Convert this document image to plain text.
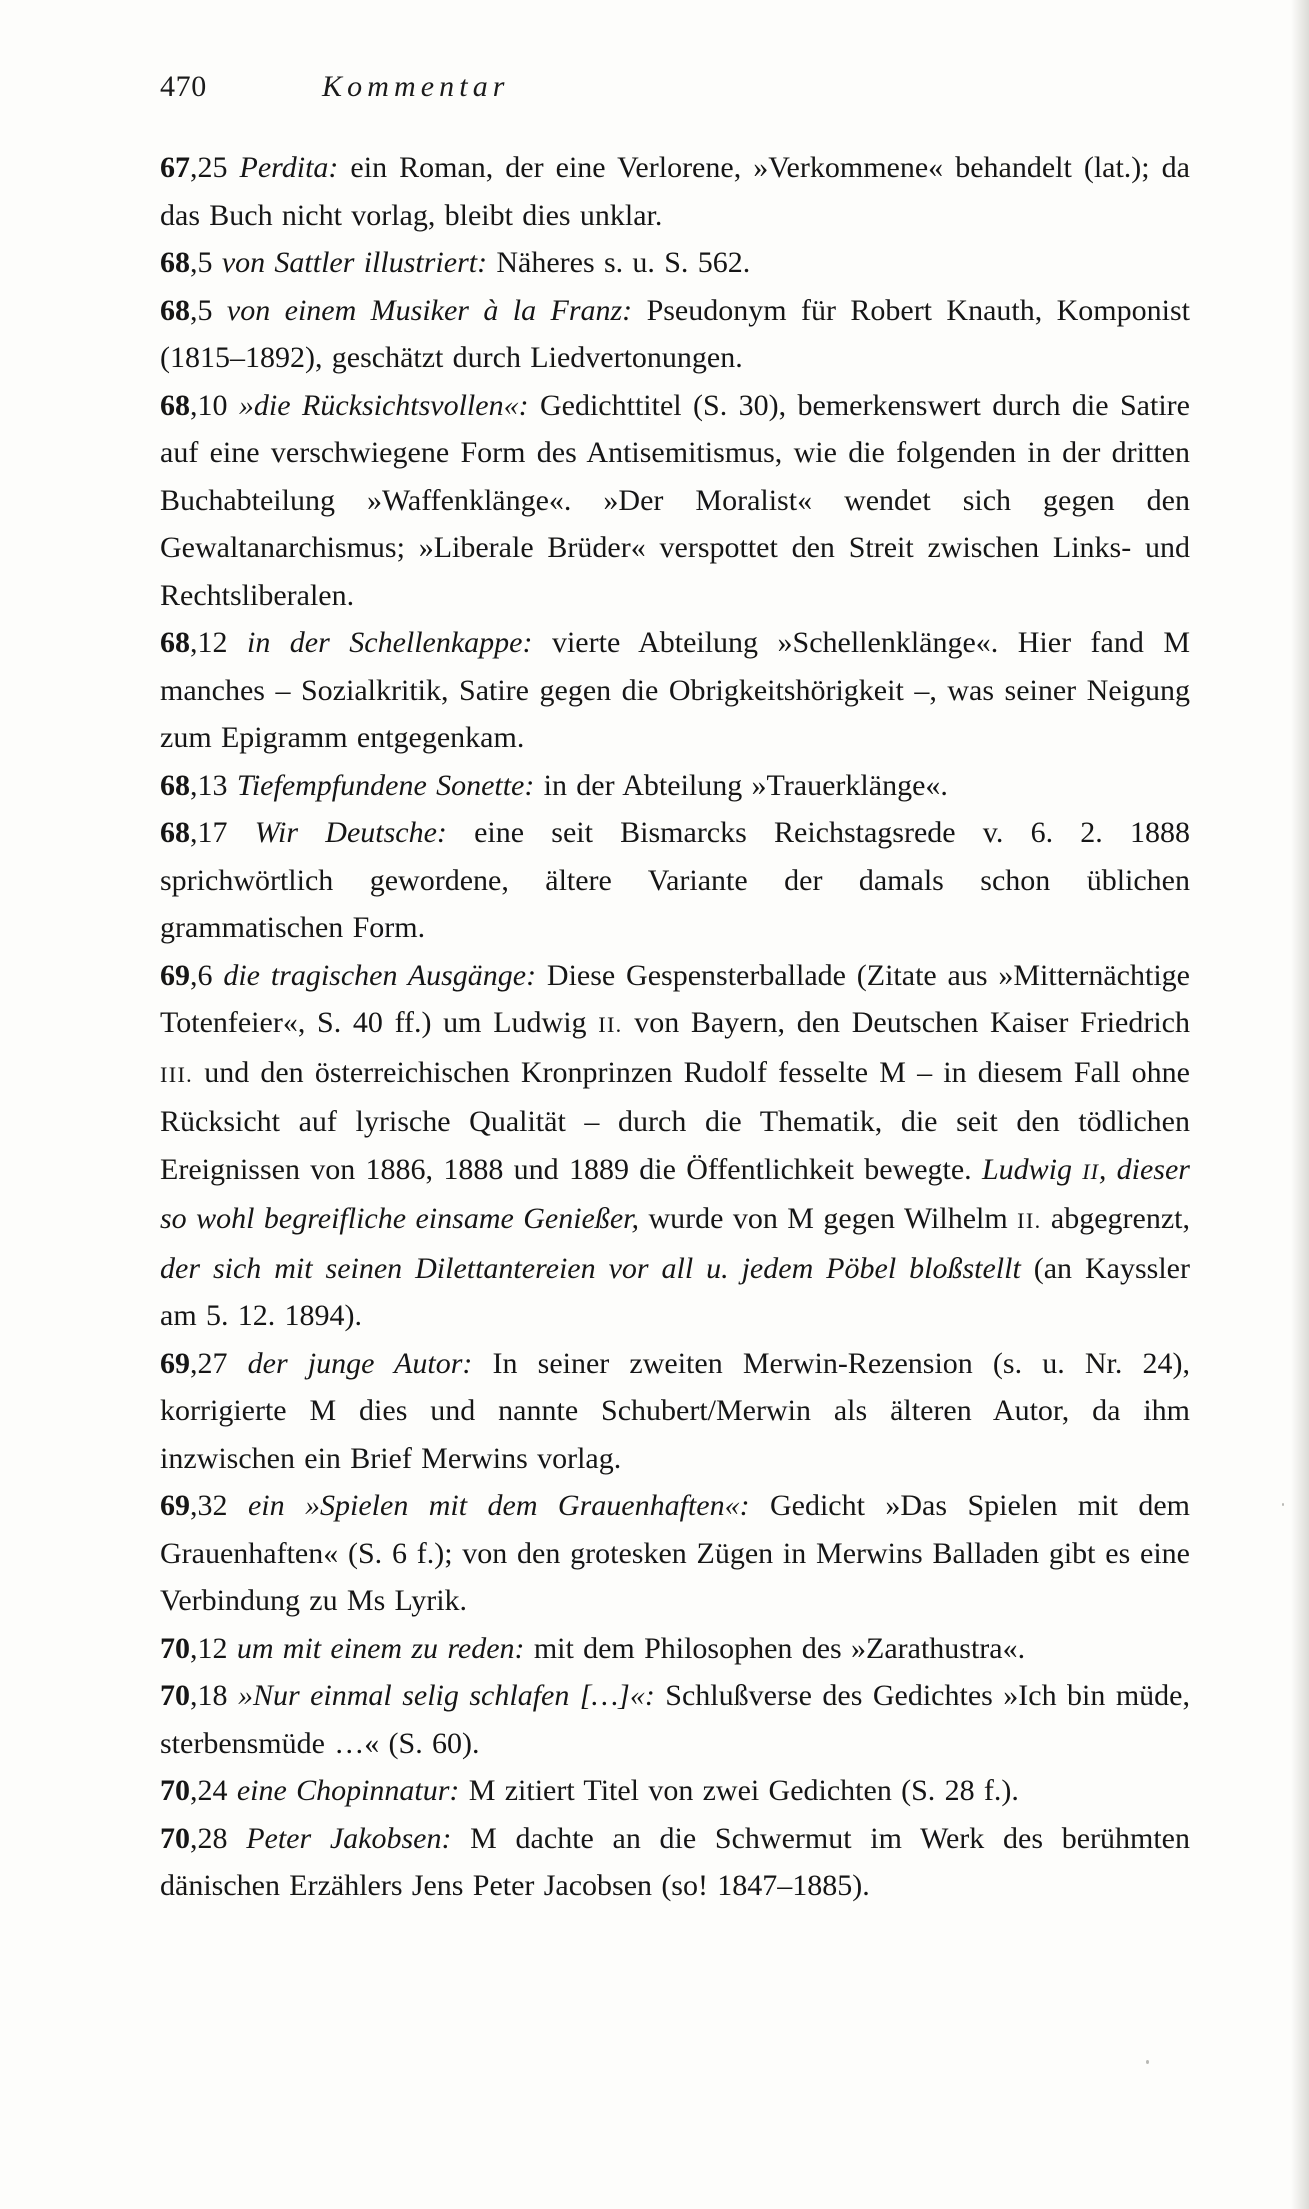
470	Kommentar

67,25 Perdita: ein Roman, der eine Verlorene, »Verkommene« behandelt (lat.); da das Buch nicht vorlag, bleibt dies unklar.

68,5 von Sattler illustriert: Näheres s. u. S. 562.

68,5 von einem Musiker à la Franz: Pseudonym für Robert Knauth, Komponist (1815–1892), geschätzt durch Liedvertonungen.

68,10 »die Rücksichtsvollen«: Gedichttitel (S. 30), bemerkenswert durch die Satire auf eine verschwiegene Form des Antisemitismus, wie die folgenden in der dritten Buchabteilung »Waffenklänge«. »Der Moralist« wendet sich gegen den Gewaltanarchismus; »Liberale Brüder« verspottet den Streit zwischen Links- und Rechtsliberalen.

68,12 in der Schellenkappe: vierte Abteilung »Schellenklänge«. Hier fand M manches – Sozialkritik, Satire gegen die Obrigkeitshörigkeit –, was seiner Neigung zum Epigramm entgegenkam.

68,13 Tiefempfundene Sonette: in der Abteilung »Trauerklänge«.

68,17 Wir Deutsche: eine seit Bismarcks Reichstagsrede v. 6. 2. 1888 sprichwörtlich gewordene, ältere Variante der damals schon üblichen grammatischen Form.

69,6 die tragischen Ausgänge: Diese Gespensterballade (Zitate aus »Mitternächtige Totenfeier«, S. 40 ff.) um Ludwig II. von Bayern, den Deutschen Kaiser Friedrich III. und den österreichischen Kronprinzen Rudolf fesselte M – in diesem Fall ohne Rücksicht auf lyrische Qualität – durch die Thematik, die seit den tödlichen Ereignissen von 1886, 1888 und 1889 die Öffentlichkeit bewegte. Ludwig II, dieser so wohl begreifliche einsame Genießer, wurde von M gegen Wilhelm II. abgegrenzt, der sich mit seinen Dilettantereien vor all u. jedem Pöbel bloßstellt (an Kayssler am 5. 12. 1894).

69,27 der junge Autor: In seiner zweiten Merwin-Rezension (s. u. Nr. 24), korrigierte M dies und nannte Schubert/Merwin als älteren Autor, da ihm inzwischen ein Brief Merwins vorlag.

69,32 ein »Spielen mit dem Grauenhaften«: Gedicht »Das Spielen mit dem Grauenhaften« (S. 6 f.); von den grotesken Zügen in Merwins Balladen gibt es eine Verbindung zu Ms Lyrik.

70,12 um mit einem zu reden: mit dem Philosophen des »Zarathustra«.

70,18 »Nur einmal selig schlafen […]«: Schlußverse des Gedichtes »Ich bin müde, sterbensmüde …« (S. 60).

70,24 eine Chopinnatur: M zitiert Titel von zwei Gedichten (S. 28 f.).

70,28 Peter Jakobsen: M dachte an die Schwermut im Werk des berühmten dänischen Erzählers Jens Peter Jacobsen (so! 1847–1885).
